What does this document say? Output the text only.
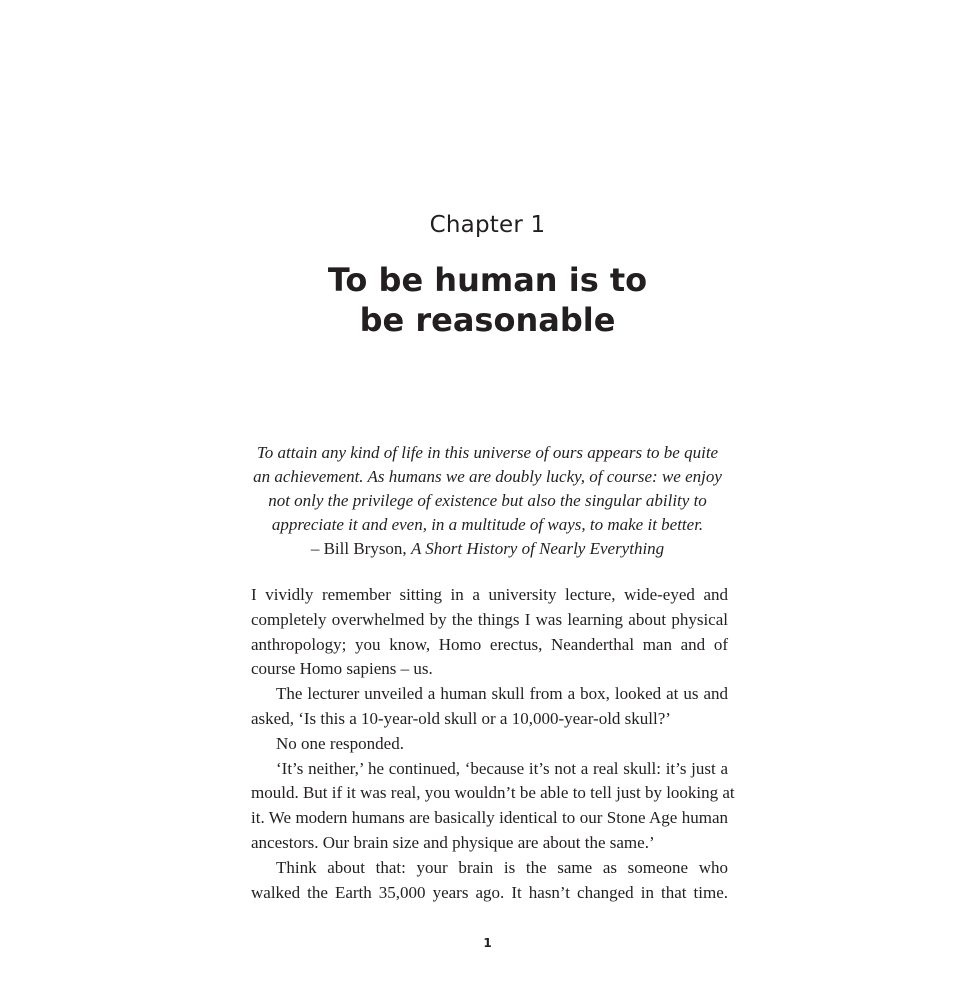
Chapter 1
To be human is to
be reasonable
To attain any kind of life in this universe of ours appears to be quite
an achievement. As humans we are doubly lucky, of course: we enjoy
not only the privilege of existence but also the singular ability to
appreciate it and even, in a multitude of ways, to make it better.
– Bill Bryson, A Short History of Nearly Everything
I vividly remember sitting in a university lecture, wide-eyed and
completely overwhelmed by the things I was learning about physical
anthropology; you know, Homo erectus, Neanderthal man and of
course Homo sapiens – us.
The lecturer unveiled a human skull from a box, looked at us and
asked, ‘Is this a 10-year-old skull or a 10,000-year-old skull?’
No one responded.
‘It’s neither,’ he continued, ‘because it’s not a real skull: it’s just a
mould. But if it was real, you wouldn’t be able to tell just by looking at
it. We modern humans are basically identical to our Stone Age human
ancestors. Our brain size and physique are about the same.’
Think about that: your brain is the same as someone who
walked the Earth 35,000 years ago. It hasn’t changed in that time.
1
